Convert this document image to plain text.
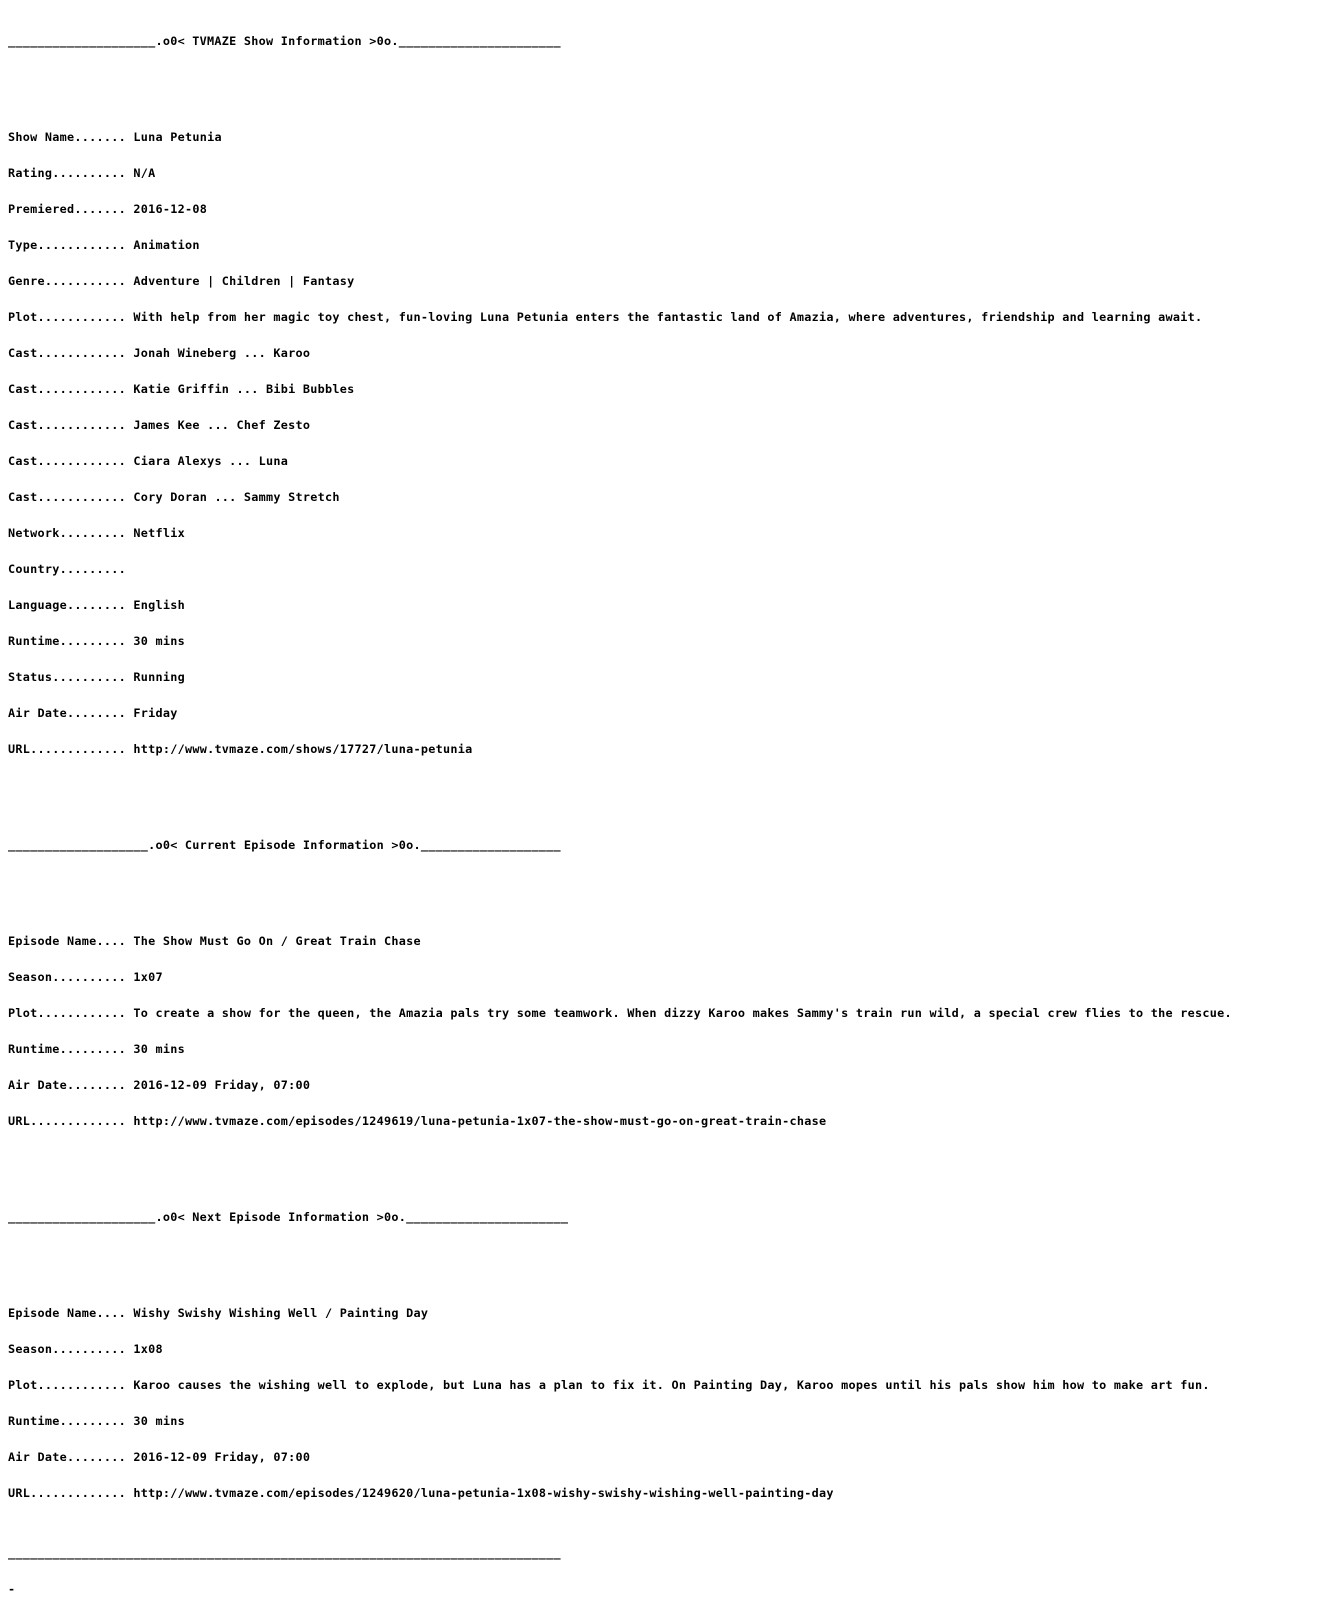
____________________.o0< TVMAZE Show Information >0o.______________________

Show Name....... Luna Petunia

Rating.......... N/A

Premiered....... 2016-12-08

Type............ Animation

Genre........... Adventure | Children | Fantasy

Plot............ With help from her magic toy chest, fun-loving Luna Petunia enters the fantastic land of Amazia, where adventures, friendship and learning await.

Cast............ Jonah Wineberg ... Karoo

Cast............ Katie Griffin ... Bibi Bubbles

Cast............ James Kee ... Chef Zesto

Cast............ Ciara Alexys ... Luna

Cast............ Cory Doran ... Sammy Stretch

Network......... Netflix

Country.........

Language........ English

Runtime......... 30 mins

Status.......... Running

Air Date........ Friday

URL............. http://www.tvmaze.com/shows/17727/luna-petunia

___________________.o0< Current Episode Information >0o.___________________

Episode Name.... The Show Must Go On / Great Train Chase

Season.......... 1x07

Plot............ To create a show for the queen, the Amazia pals try some teamwork. When dizzy Karoo makes Sammy's train run wild, a special crew flies to the rescue.

Runtime......... 30 mins

Air Date........ 2016-12-09 Friday, 07:00

URL............. http://www.tvmaze.com/episodes/1249619/luna-petunia-1x07-the-show-must-go-on-great-train-chase

____________________.o0< Next Episode Information >0o.______________________

Episode Name.... Wishy Swishy Wishing Well / Painting Day

Season.......... 1x08

Plot............ Karoo causes the wishing well to explode, but Luna has a plan to fix it. On Painting Day, Karoo mopes until his pals show him how to make art fun.

Runtime......... 30 mins

Air Date........ 2016-12-09 Friday, 07:00

URL............. http://www.tvmaze.com/episodes/1249620/luna-petunia-1x08-wishy-swishy-wishing-well-painting-day

___________________________________________________________________________

-
